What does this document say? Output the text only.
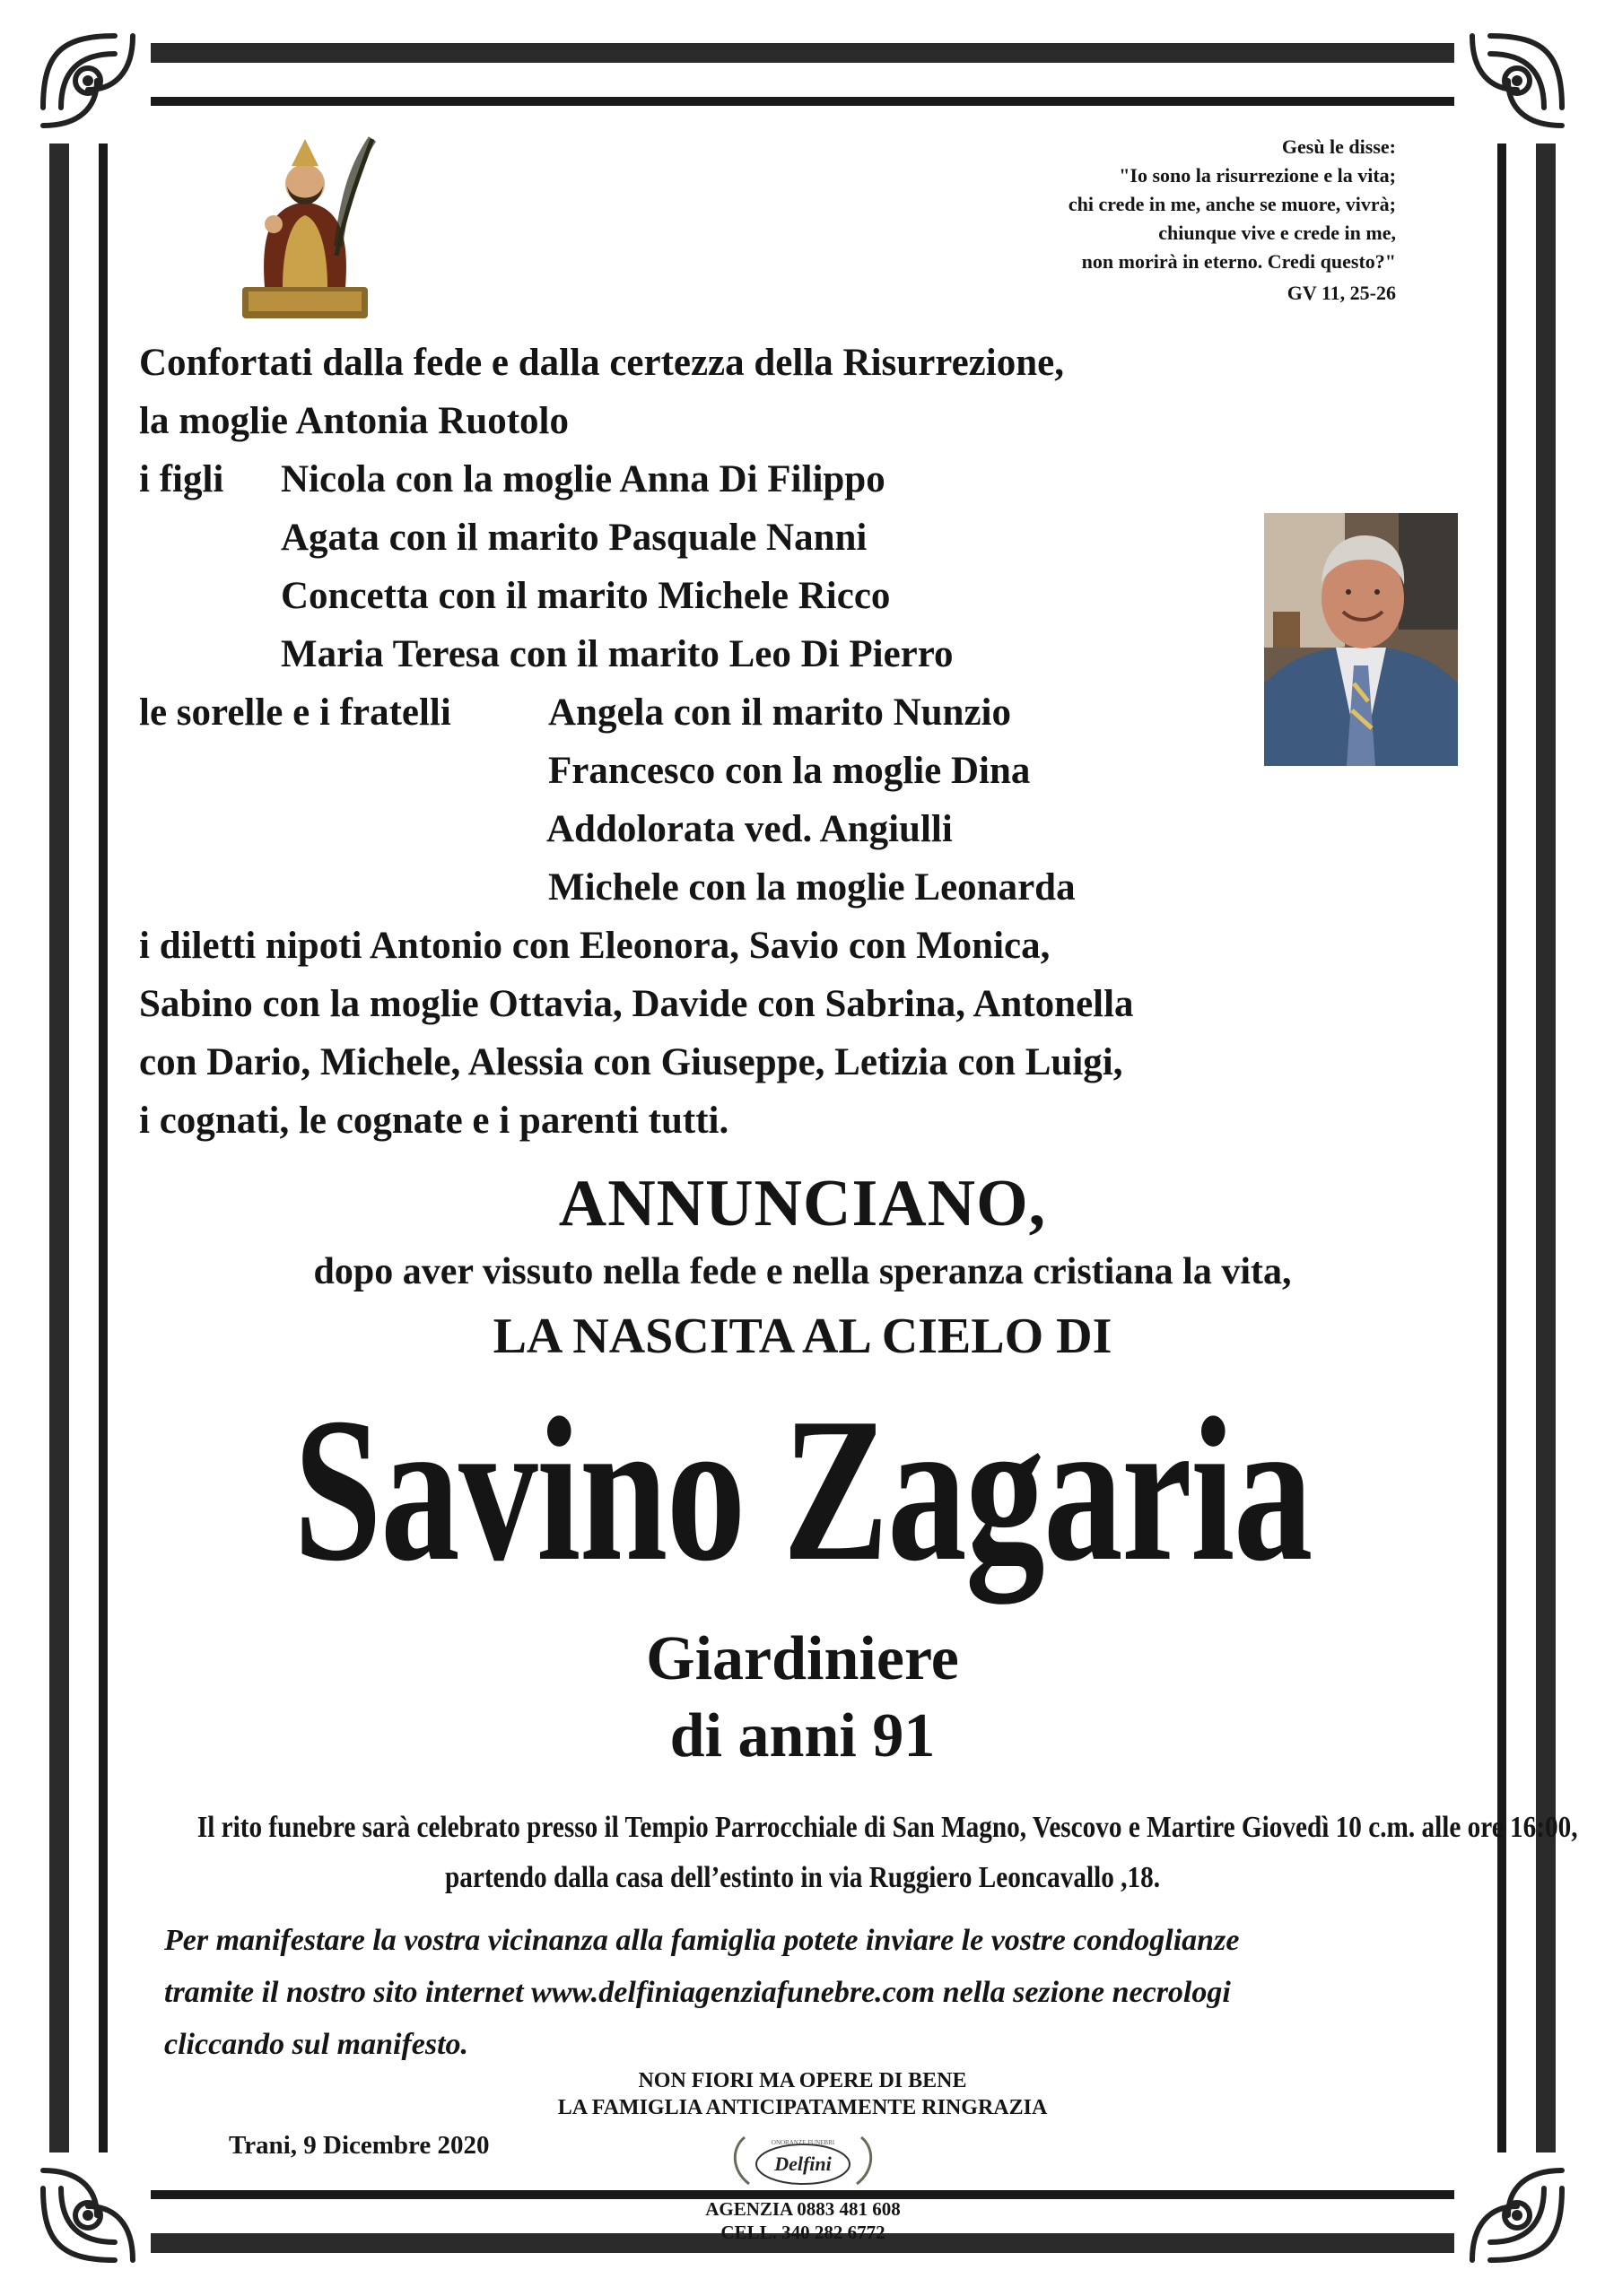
Gesù le disse:
"Io sono la risurrezione e la vita;
chi crede in me, anche se muore, vivrà;
chiunque vive e crede in me,
non morirà in eterno. Credi questo?"
GV 11, 25-26
Confortati dalla fede e dalla certezza della Risurrezione,
la moglie Antonia Ruotolo
i figli Nicola con la moglie Anna Di Filippo
Agata con il marito Pasquale Nanni
Concetta con il marito Michele Ricco
Maria Teresa con il marito Leo Di Pierro
le sorelle e i fratelli	Angela con il marito Nunzio
Francesco con la moglie Dina
Addolorata ved. Angiulli
Michele con la moglie Leonarda
i diletti nipoti Antonio con Eleonora, Savio con Monica,
Sabino con la moglie Ottavia, Davide con Sabrina, Antonella
con Dario, Michele, Alessia con Giuseppe, Letizia con Luigi,
i cognati, le cognate e i parenti tutti.
ANNUNCIANO,
dopo aver vissuto nella fede e nella speranza cristiana la vita,
LA NASCITA AL CIELO DI
Savino Zagaria
Giardiniere
di anni 91
Il rito funebre sarà celebrato presso il Tempio Parrocchiale di San Magno, Vescovo e Martire Giovedì 10 c.m. alle ore 16:00,
partendo dalla casa dell’estinto in via Ruggiero Leoncavallo ,18.
Per manifestare la vostra vicinanza alla famiglia potete inviare le vostre condoglianze
tramite il nostro sito internet www.delfiniagenziafunebre.com nella sezione necrologi
cliccando sul manifesto.
NON FIORI MA OPERE DI BENE
LA FAMIGLIA ANTICIPATAMENTE RINGRAZIA
Trani, 9 Dicembre 2020	ONORANZE FUNEBRI
Delfini
AGENZIA 0883 481 608
CELL. 340 282 6772
